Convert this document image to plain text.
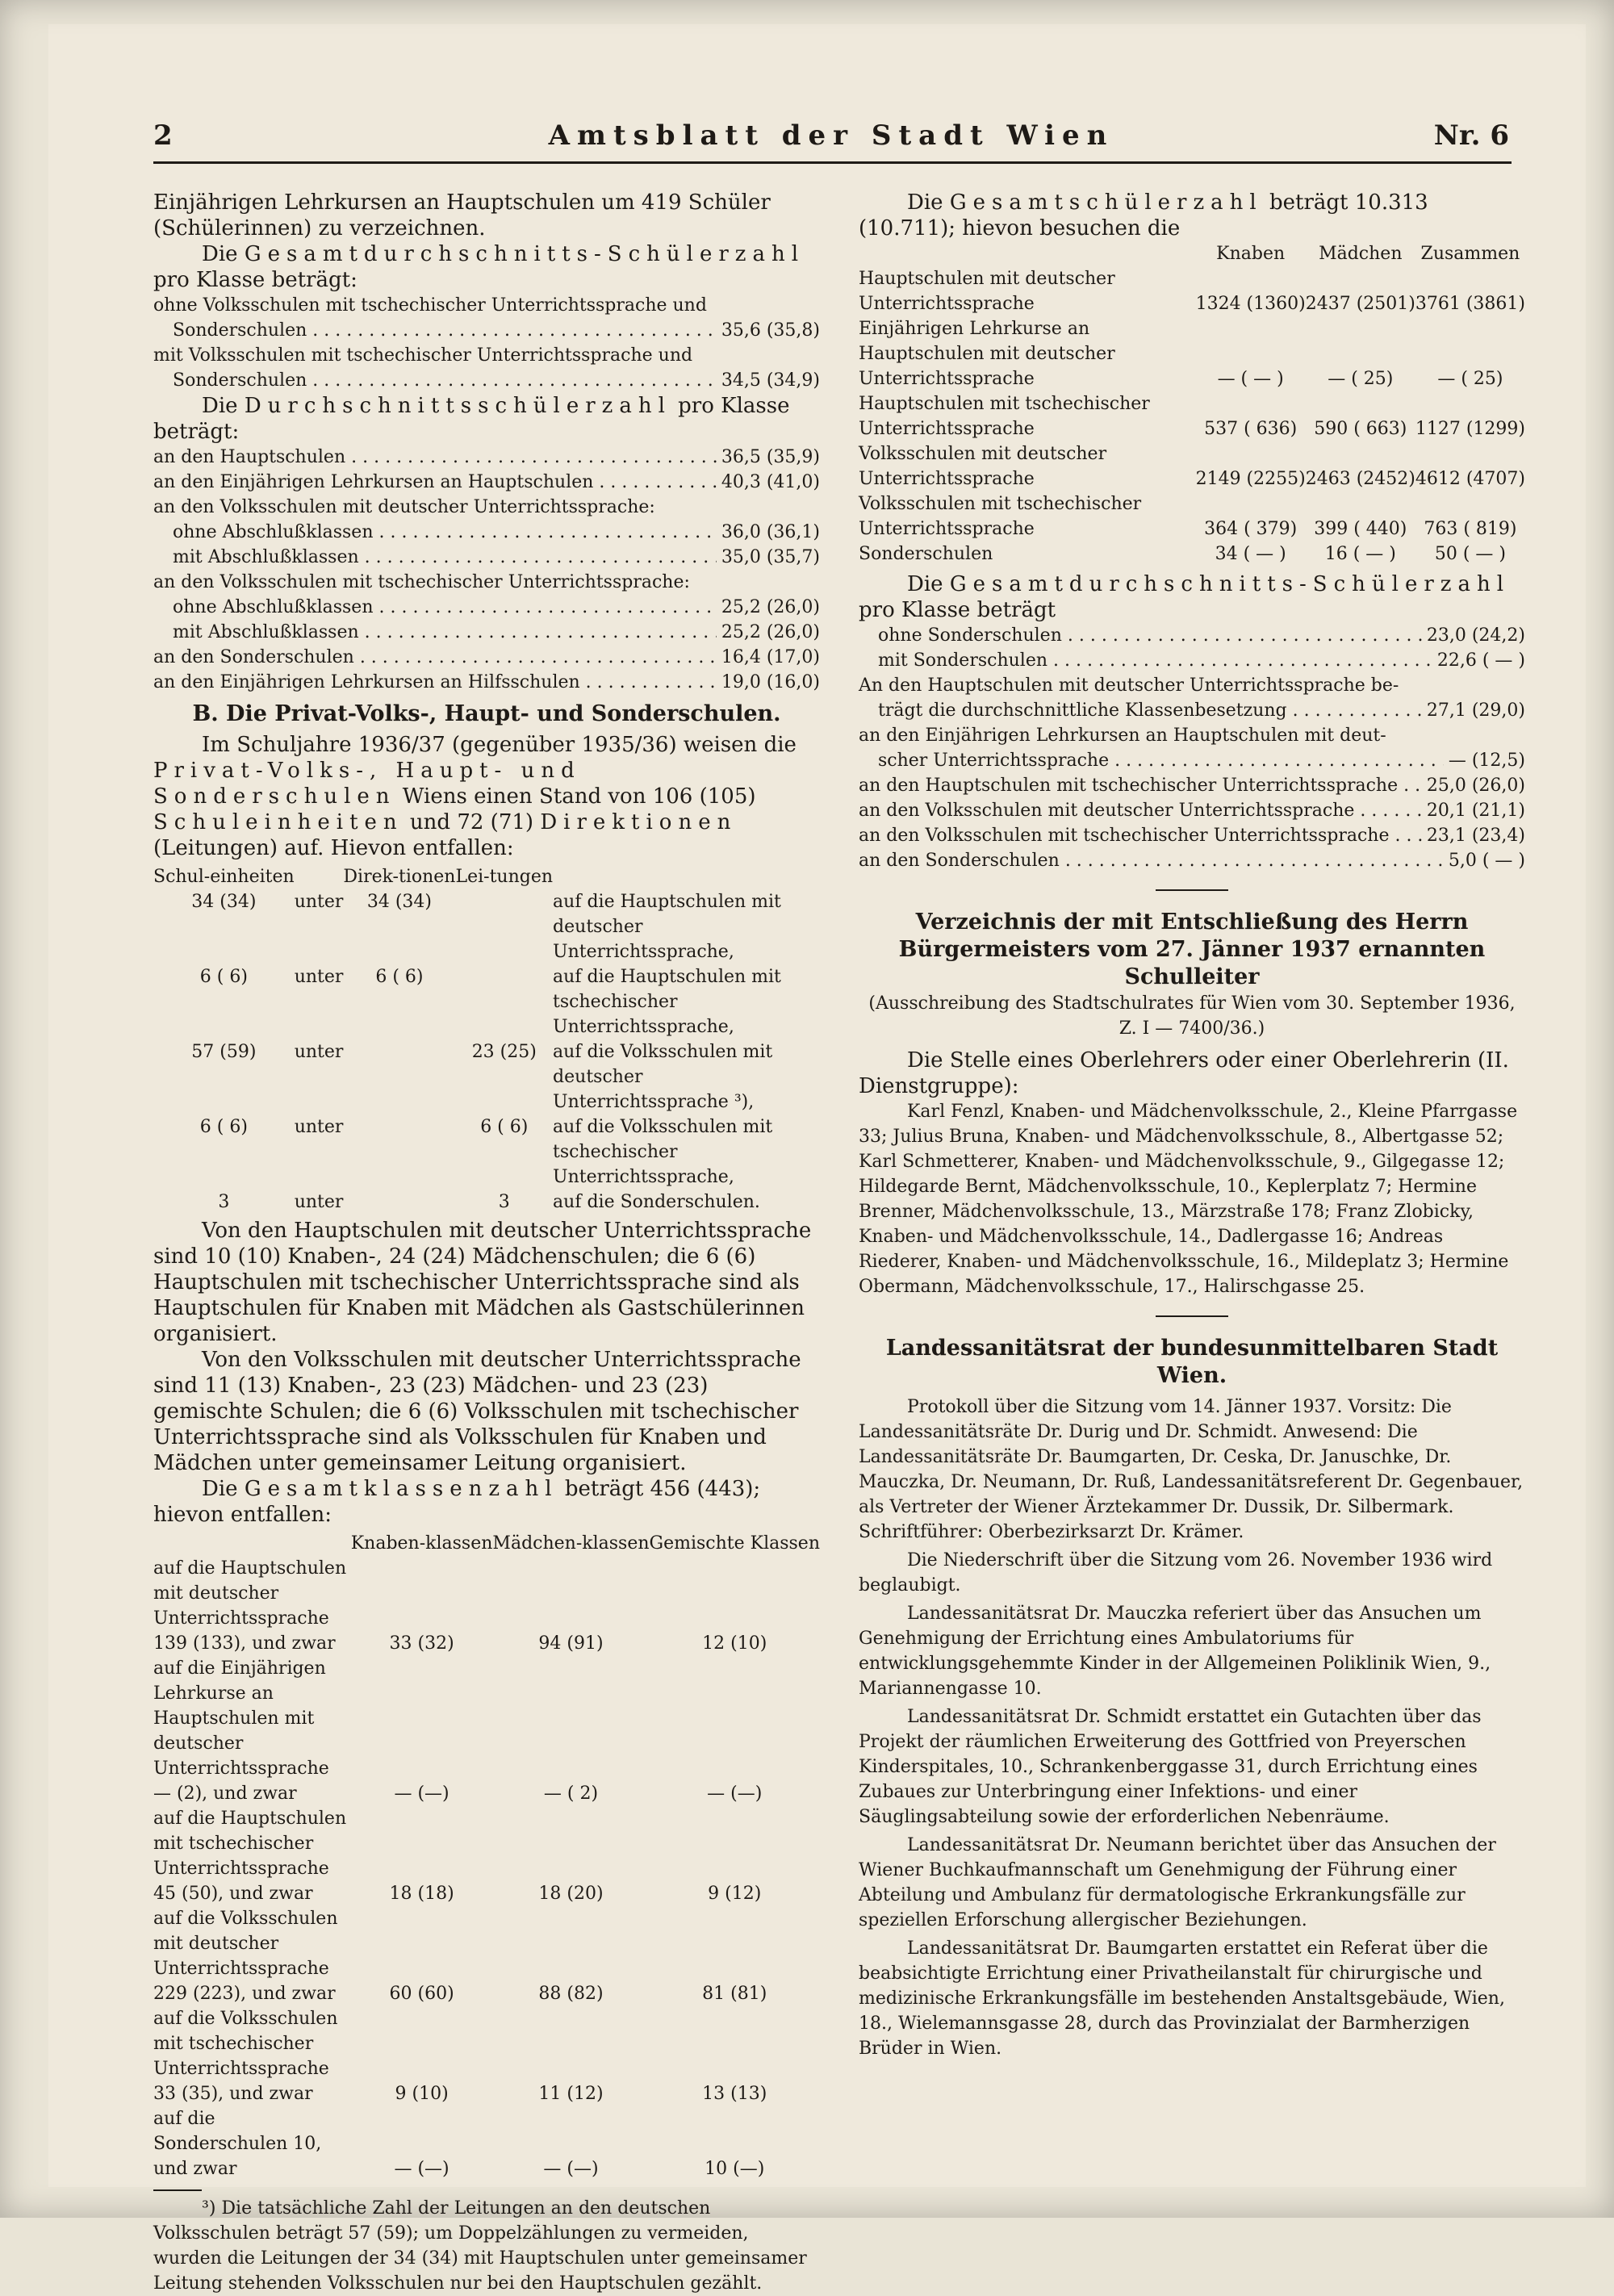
2	Amtsblatt der Stadt Wien	Nr. 6

Einjährigen Lehrkursen an Hauptschulen um 419 Schüler (Schülerinnen) zu verzeichnen.

Die Gesamtdurchschnitts-Schülerzahl pro Klasse beträgt:

ohne Volksschulen mit tschechischer Unterrichtssprache und
Sonderschulen . . .	35,6 (35,8)
mit Volksschulen mit tschechischer Unterrichtssprache und
Sonderschulen . . .	34,5 (34,9)

Die Durchschnittsschülerzahl pro Klasse beträgt:

an den Hauptschulen . . .	36,5 (35,9)
an den Einjährigen Lehrkursen an Hauptschulen . . .	40,3 (41,0)
an den Volksschulen mit deutscher Unterrichtssprache:
ohne Abschlußklassen . . .	36,0 (36,1)
mit Abschlußklassen . . .	35,0 (35,7)
an den Volksschulen mit tschechischer Unterrichtssprache:
ohne Abschlußklassen . . .	25,2 (26,0)
mit Abschlußklassen . . .	25,2 (26,0)
an den Sonderschulen . . .	16,4 (17,0)
an den Einjährigen Lehrkursen an Hilfsschulen . . .	19,0 (16,0)
B. Die Privat-Volks-, Haupt- und Sonderschulen.

Im Schuljahre 1936/37 (gegenüber 1935/36) weisen die Privat-Volks-, Haupt- und Sonderschulen Wiens einen Stand von 106 (105) Schuleinheiten und 72 (71) Direktionen (Leitungen) auf. Hievon entfallen:

Schul-einheiten		Direk-tionen	Lei-tungen	
34 (34)	unter	34 (34)		auf die Hauptschulen mit deutscher Unterrichtssprache,
6 ( 6)	unter	6 ( 6)		auf die Hauptschulen mit tschechischer Unterrichtssprache,
57 (59)	unter		23 (25)	auf die Volksschulen mit deutscher Unterrichtssprache ³),
6 ( 6)	unter		6 ( 6)	auf die Volksschulen mit tschechischer Unterrichtssprache,
3	unter		3	auf die Sonderschulen.

Von den Hauptschulen mit deutscher Unterrichtssprache sind 10 (10) Knaben-, 24 (24) Mädchenschulen; die 6 (6) Hauptschulen mit tschechischer Unterrichtssprache sind als Hauptschulen für Knaben mit Mädchen als Gastschülerinnen organisiert.

Von den Volksschulen mit deutscher Unterrichtssprache sind 11 (13) Knaben-, 23 (23) Mädchen- und 23 (23) gemischte Schulen; die 6 (6) Volksschulen mit tschechischer Unterrichtssprache sind als Volksschulen für Knaben und Mädchen unter gemeinsamer Leitung organisiert.

Die Gesamtklassenzahl beträgt 456 (443); hievon entfallen:

	Knaben-klassen	Mädchen-klassen	Gemischte Klassen
auf die Hauptschulen mit deutscher Unterrichtssprache 139 (133), und zwar	33 (32)	94 (91)	12 (10)
auf die Einjährigen Lehrkurse an Hauptschulen mit deutscher Unterrichtssprache — (2), und zwar	— (—)	— ( 2)	— (—)
auf die Hauptschulen mit tschechischer Unterrichtssprache 45 (50), und zwar	18 (18)	18 (20)	9 (12)
auf die Volksschulen mit deutscher Unterrichtssprache 229 (223), und zwar	60 (60)	88 (82)	81 (81)
auf die Volksschulen mit tschechischer Unterrichtssprache 33 (35), und zwar	9 (10)	11 (12)	13 (13)
auf die Sonderschulen 10, und zwar	— (—)	— (—)	10 (—)

³) Die tatsächliche Zahl der Leitungen an den deutschen Volksschulen beträgt 57 (59); um Doppelzählungen zu vermeiden, wurden die Leitungen der 34 (34) mit Hauptschulen unter gemeinsamer Leitung stehenden Volksschulen nur bei den Hauptschulen gezählt.

Die Gesamtschülerzahl beträgt 10.313 (10.711); hievon besuchen die

	Knaben	Mädchen	Zusammen
Hauptschulen mit deutscher Unterrichtssprache	1324 (1360)	2437 (2501)	3761 (3861)
Einjährigen Lehrkurse an Hauptschulen mit deutscher Unterrichtssprache	— ( — )	— ( 25)	— ( 25)
Hauptschulen mit tschechischer Unterrichtssprache	537 ( 636)	590 ( 663)	1127 (1299)
Volksschulen mit deutscher Unterrichtssprache	2149 (2255)	2463 (2452)	4612 (4707)
Volksschulen mit tschechischer Unterrichtssprache	364 ( 379)	399 ( 440)	763 ( 819)
Sonderschulen	34 ( — )	16 ( — )	50 ( — )

Die Gesamtdurchschnitts-Schülerzahl pro Klasse beträgt

ohne Sonderschulen . . .	23,0 (24,2)
mit Sonderschulen . . .	22,6 ( — )
An den Hauptschulen mit deutscher Unterrichtssprache be-
trägt die durchschnittliche Klassenbesetzung . . .	27,1 (29,0)
an den Einjährigen Lehrkursen an Hauptschulen mit deut-
scher Unterrichtssprache . . .	— (12,5)
an den Hauptschulen mit tschechischer Unterrichtssprache . . .	25,0 (26,0)
an den Volksschulen mit deutscher Unterrichtssprache . . .	20,1 (21,1)
an den Volksschulen mit tschechischer Unterrichtssprache . . .	23,1 (23,4)
an den Sonderschulen . . .	5,0 ( — )

Verzeichnis der mit Entschließung des Herrn Bürgermeisters vom 27. Jänner 1937 ernannten Schulleiter

(Ausschreibung des Stadtschulrates für Wien vom 30. September 1936, Z. I — 7400/36.)

Die Stelle eines Oberlehrers oder einer Oberlehrerin (II. Dienstgruppe):

Karl Fenzl, Knaben- und Mädchenvolksschule, 2., Kleine Pfarrgasse 33; Julius Bruna, Knaben- und Mädchenvolksschule, 8., Albertgasse 52; Karl Schmetterer, Knaben- und Mädchenvolksschule, 9., Gilgegasse 12; Hildegarde Bernt, Mädchenvolksschule, 10., Keplerplatz 7; Hermine Brenner, Mädchenvolksschule, 13., Märzstraße 178; Franz Zlobicky, Knaben- und Mädchenvolksschule, 14., Dadlergasse 16; Andreas Riederer, Knaben- und Mädchenvolksschule, 16., Mildeplatz 3; Hermine Obermann, Mädchenvolksschule, 17., Halirschgasse 25.

Landessanitätsrat der bundesunmittelbaren Stadt Wien.

Protokoll über die Sitzung vom 14. Jänner 1937. Vorsitz: Die Landessanitätsräte Dr. Durig und Dr. Schmidt. Anwesend: Die Landessanitätsräte Dr. Baumgarten, Dr. Ceska, Dr. Januschke, Dr. Mauczka, Dr. Neumann, Dr. Ruß, Landessanitätsreferent Dr. Gegenbauer, als Vertreter der Wiener Ärztekammer Dr. Dussik, Dr. Silbermark. Schriftführer: Oberbezirksarzt Dr. Krämer.

Die Niederschrift über die Sitzung vom 26. November 1936 wird beglaubigt.

Landessanitätsrat Dr. Mauczka referiert über das Ansuchen um Genehmigung der Errichtung eines Ambulatoriums für entwicklungsgehemmte Kinder in der Allgemeinen Poliklinik Wien, 9., Mariannengasse 10.

Landessanitätsrat Dr. Schmidt erstattet ein Gutachten über das Projekt der räumlichen Erweiterung des Gottfried von Preyerschen Kinderspitales, 10., Schrankenberggasse 31, durch Errichtung eines Zubaues zur Unterbringung einer Infektions- und einer Säuglingsabteilung sowie der erforderlichen Nebenräume.

Landessanitätsrat Dr. Neumann berichtet über das Ansuchen der Wiener Buchkaufmannschaft um Genehmigung der Führung einer Abteilung und Ambulanz für dermatologische Erkrankungsfälle zur speziellen Erforschung allergischer Beziehungen.

Landessanitätsrat Dr. Baumgarten erstattet ein Referat über die beabsichtigte Errichtung einer Privatheilanstalt für chirurgische und medizinische Erkrankungsfälle im bestehenden Anstaltsgebäude, Wien, 18., Wielemannsgasse 28, durch das Provinzialat der Barmherzigen Brüder in Wien.
